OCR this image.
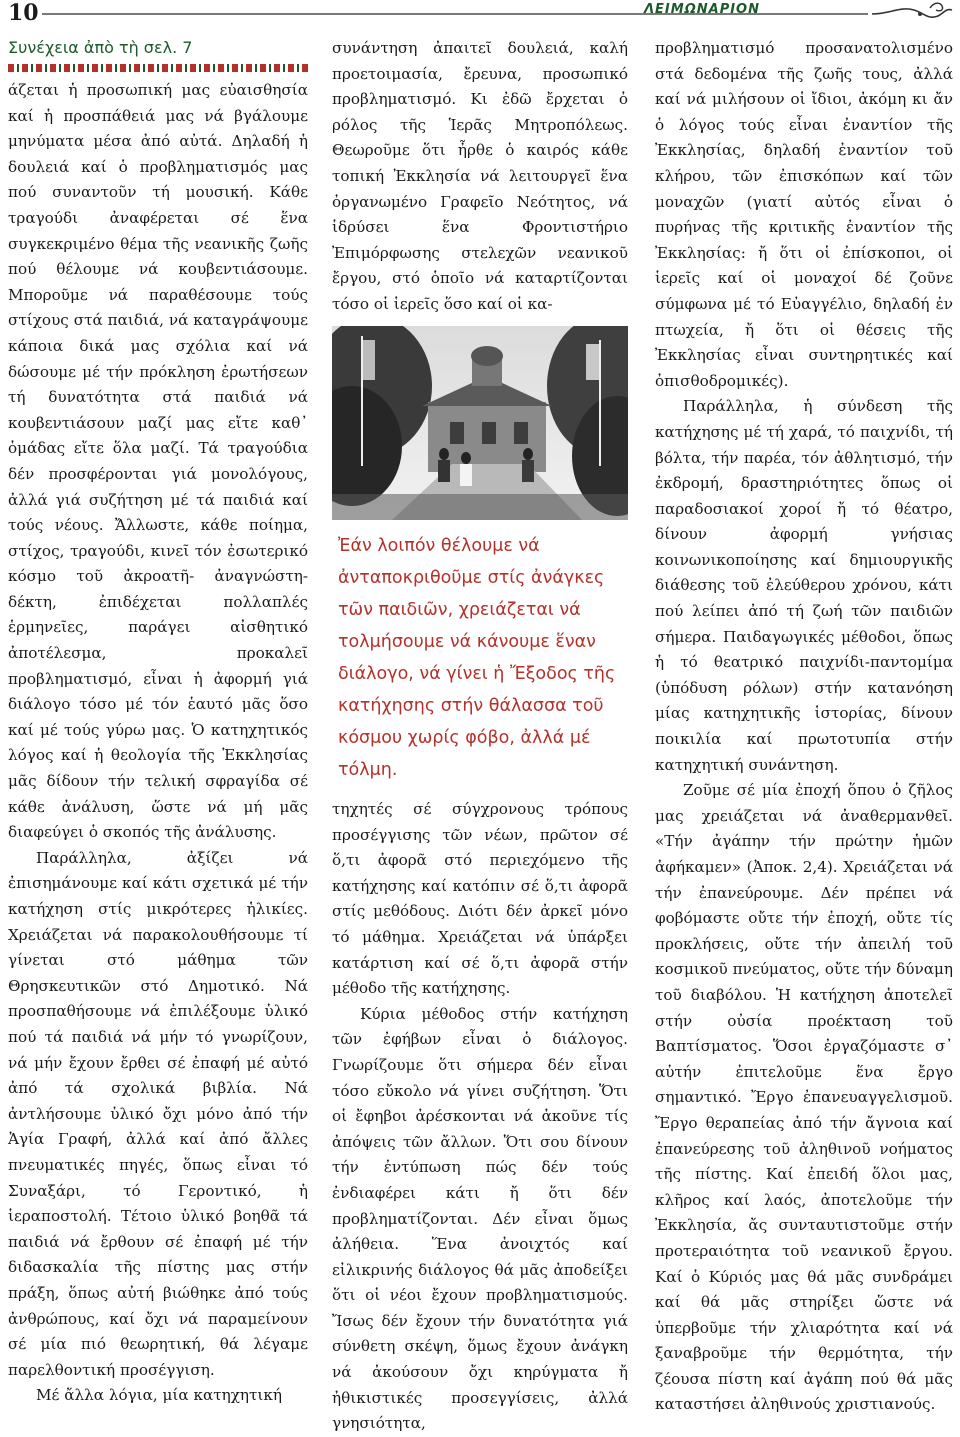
10	ΛΕΙΜΩΝΑΡΙΟΝ

Συνέχεια ἀπὸ τὴ σελ. 7

άζεται ἡ προσωπική μας εὐαισθησία καί ἡ προσπάθειά μας νά βγάλουμε μηνύματα μέσα ἀπό αὐτά. Δηλαδή ἡ δουλειά καί ὁ προβληματισμός μας πού συναντοῦν τή μουσική. Κάθε τραγούδι ἀναφέρεται σέ ἕνα συγκεκριμένο θέμα τῆς νεανικῆς ζωῆς πού θέλουμε νά κουβεντιάσουμε. Μποροῦμε νά παραθέσουμε τούς στίχους στά παιδιά, νά καταγράψουμε κάποια δικά μας σχόλια καί νά δώσουμε μέ τήν πρόκληση ἐρωτήσεων τή δυνατότητα στά παιδιά νά κουβεντιάσουν μαζί μας εἴτε καθ᾽ ὁμάδας εἴτε ὅλα μαζί. Τά τραγούδια δέν προσφέρονται γιά μονολόγους, ἀλλά γιά συζήτηση μέ τά παιδιά καί τούς νέους. Ἄλλωστε, κάθε ποίημα, στίχος, τραγούδι, κινεῖ τόν ἐσωτερικό κόσμο τοῦ ἀκροατῆ- ἀναγνώστη- δέκτη, ἐπιδέχεται πολλαπλές ἑρμηνεῖες, παράγει αἰσθητικό ἀποτέλεσμα, προκαλεῖ προβληματισμό, εἶναι ἡ ἀφορμή γιά διάλογο τόσο μέ τόν ἑαυτό μᾶς ὅσο καί μέ τούς γύρω μας. Ὁ κατηχητικός λόγος καί ἡ θεολογία τῆς Ἐκκλησίας μᾶς δίδουν τήν τελική σφραγίδα σέ κάθε ἀνάλυση, ὥστε νά μή μᾶς διαφεύγει ὁ σκοπός τῆς ἀνάλυσης.

Παράλληλα, ἀξίζει νά ἐπισημάνουμε καί κάτι σχετικά μέ τήν κατήχηση στίς μικρότερες ἡλικίες. Χρειάζεται νά παρακολουθήσουμε τί γίνεται στό μάθημα τῶν Θρησκευτικῶν στό Δημοτικό. Νά προσπαθήσουμε νά ἐπιλέξουμε ὑλικό πού τά παιδιά νά μήν τό γνωρίζουν, νά μήν ἔχουν ἔρθει σέ ἐπαφή μέ αὐτό ἀπό τά σχολικά βιβλία. Νά ἀντλήσουμε ὑλικό ὄχι μόνο ἀπό τήν Ἁγία Γραφή, ἀλλά καί ἀπό ἄλλες πνευματικές πηγές, ὅπως εἶναι τό Συναξάρι, τό Γεροντικό, ἡ ἱεραποστολή. Τέτοιο ὑλικό βοηθᾶ τά παιδιά νά ἔρθουν σέ ἐπαφή μέ τήν διδασκαλία τῆς πίστης μας στήν πράξη, ὅπως αὐτή βιώθηκε ἀπό τούς ἀνθρώπους, καί ὄχι νά παραμείνουν σέ μία πιό θεωρητική, θά λέγαμε παρελθοντική προσέγγιση.

Μέ ἄλλα λόγια, μία κατηχητική

συνάντηση ἀπαιτεῖ δουλειά, καλή προετοιμασία, ἔρευνα, προσωπικό προβληματισμό. Κι ἐδῶ ἔρχεται ὁ ρόλος τῆς Ἱερᾶς Μητροπόλεως. Θεωροῦμε ὅτι ἦρθε ὁ καιρός κάθε τοπική Ἐκκλησία νά λειτουργεῖ ἕνα ὀργανωμένο Γραφεῖο Νεότητος, νά ἱδρύσει ἕνα Φροντιστήριο Ἐπιμόρφωσης στελεχῶν νεανικοῦ ἔργου, στό ὁποῖο νά καταρτίζονται τόσο οἱ ἱερεῖς ὅσο καί οἱ κα-

Ἐάν λοιπόν θέλουμε νά ἀνταποκριθοῦμε στίς ἀνάγκες τῶν παιδιῶν, χρειάζεται νά τολμήσουμε νά κάνουμε ἕναν διάλογο, νά γίνει ἡ Ἔξοδος τῆς κατήχησης στήν θάλασσα τοῦ κόσμου χωρίς φόβο, ἀλλά μέ τόλμη.

τηχητές σέ σύγχρονους τρόπους προσέγγισης τῶν νέων, πρῶτον σέ ὅ,τι ἀφορᾶ στό περιεχόμενο τῆς κατήχησης καί κατόπιν σέ ὅ,τι ἀφορᾶ στίς μεθόδους. Διότι δέν ἀρκεῖ μόνο τό μάθημα. Χρειάζεται νά ὑπάρξει κατάρτιση καί σέ ὅ,τι ἀφορᾶ στήν μέθοδο τῆς κατήχησης.

Κύρια μέθοδος στήν κατήχηση τῶν ἐφήβων εἶναι ὁ διάλογος. Γνωρίζουμε ὅτι σήμερα δέν εἶναι τόσο εὔκολο νά γίνει συζήτηση. Ὅτι οἱ ἔφηβοι ἀρέσκονται νά ἀκοῦνε τίς ἀπόψεις τῶν ἄλλων. Ὅτι σου δίνουν τήν ἐντύπωση πώς δέν τούς ἐνδιαφέρει κάτι ἤ ὅτι δέν προβληματίζονται. Δέν εἶναι ὅμως ἀλήθεια. Ἕνα ἀνοιχτός καί εἰλικρινής διάλογος θά μᾶς ἀποδείξει ὅτι οἱ νέοι ἔχουν προβληματισμούς. Ἴσως δέν ἔχουν τήν δυνατότητα γιά σύνθετη σκέψη, ὅμως ἔχουν ἀνάγκη νά ἀκούσουν ὄχι κηρύγματα ἤ ἠθικιστικές προσεγγίσεις, ἀλλά γνησιότητα,

προβληματισμό προσανατολισμένο στά δεδομένα τῆς ζωῆς τους, ἀλλά καί νά μιλήσουν οἱ ἴδιοι, ἀκόμη κι ἄν ὁ λόγος τούς εἶναι ἐναντίον τῆς Ἐκκλησίας, δηλαδή ἐναντίον τοῦ κλήρου, τῶν ἐπισκόπων καί τῶν μοναχῶν (γιατί αὐτός εἶναι ὁ πυρήνας τῆς κριτικῆς ἐναντίον τῆς Ἐκκλησίας: ἤ ὅτι οἱ ἐπίσκοποι, οἱ ἱερεῖς καί οἱ μοναχοί δέ ζοῦνε σύμφωνα μέ τό Εὐαγγέλιο, δηλαδή ἐν πτωχεία, ἤ ὅτι οἱ θέσεις τῆς Ἐκκλησίας εἶναι συντηρητικές καί ὀπισθοδρομικές).

Παράλληλα, ἡ σύνδεση τῆς κατήχησης μέ τή χαρά, τό παιχνίδι, τή βόλτα, τήν παρέα, τόν ἀθλητισμό, τήν ἐκδρομή, δραστηριότητες ὅπως οἱ παραδοσιακοί χοροί ἤ τό θέατρο, δίνουν ἀφορμή γνήσιας κοινωνικοποίησης καί δημιουργικῆς διάθεσης τοῦ ἐλεύθερου χρόνου, κάτι πού λείπει ἀπό τή ζωή τῶν παιδιῶν σήμερα. Παιδαγωγικές μέθοδοι, ὅπως ἡ τό θεατρικό παιχνίδι-παντομίμα (ὑπόδυση ρόλων) στήν κατανόηση μίας κατηχητικῆς ἱστορίας, δίνουν ποικιλία καί πρωτοτυπία στήν κατηχητική συνάντηση.

Ζοῦμε σέ μία ἐποχή ὅπου ὁ ζῆλος μας χρειάζεται νά ἀναθερμανθεῖ. «Τήν ἀγάπην τήν πρώτην ἡμῶν ἀφήκαμεν» (Ἀποκ. 2,4). Χρειάζεται νά τήν ἐπανεύρουμε. Δέν πρέπει νά φοβόμαστε οὔτε τήν ἐποχή, οὔτε τίς προκλήσεις, οὔτε τήν ἀπειλή τοῦ κοσμικοῦ πνεύματος, οὔτε τήν δύναμη τοῦ διαβόλου. Ἡ κατήχηση ἀποτελεῖ στήν οὐσία προέκταση τοῦ Βαπτίσματος. Ὅσοι ἐργαζόμαστε σ᾽ αὐτήν ἐπιτελοῦμε ἕνα ἔργο σημαντικό. Ἔργο ἐπανευαγγελισμοῦ. Ἔργο θεραπείας ἀπό τήν ἄγνοια καί ἐπανεύρεσης τοῦ ἀληθινοῦ νοήματος τῆς πίστης. Καί ἐπειδή ὅλοι μας, κλῆρος καί λαός, ἀποτελοῦμε τήν Ἐκκλησία, ἄς συνταυτιστοῦμε στήν προτεραιότητα τοῦ νεανικοῦ ἔργου. Καί ὁ Κύριός μας θά μᾶς συνδράμει καί θά μᾶς στηρίξει ὥστε νά ὑπερβοῦμε τήν χλιαρότητα καί νά ξαναβροῦμε τήν θερμότητα, τήν ζέουσα πίστη καί ἀγάπη πού θά μᾶς καταστήσει ἀληθινούς χριστιανούς.
